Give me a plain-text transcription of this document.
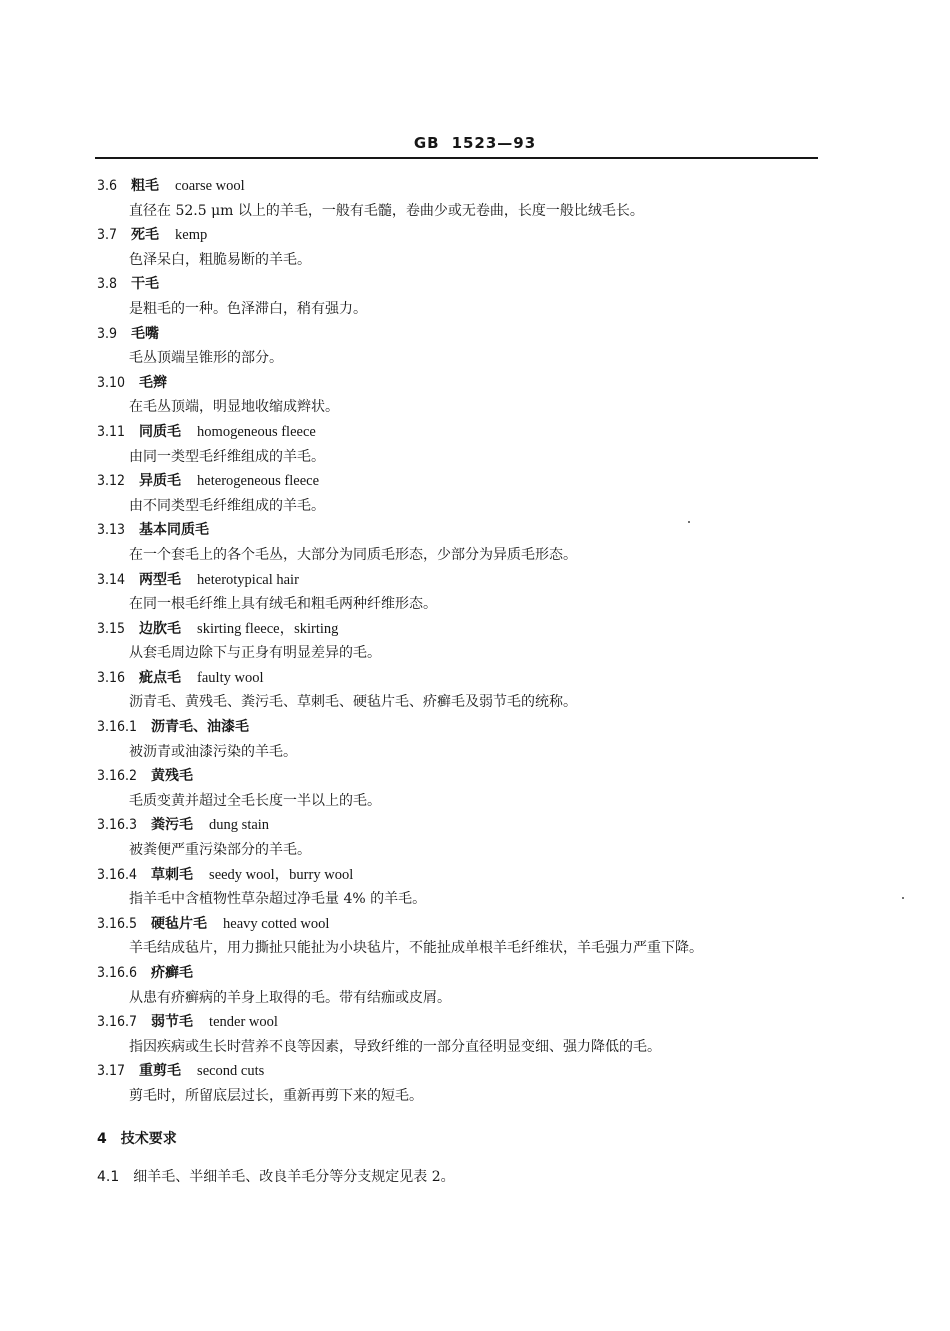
GB 1523—93
3.6 粗毛 coarse wool
直径在 52.5 μm 以上的羊毛，一般有毛髓，卷曲少或无卷曲，长度一般比绒毛长。
3.7 死毛 kemp
色泽呆白，粗脆易断的羊毛。
3.8 干毛
是粗毛的一种。色泽滞白，稍有强力。
3.9 毛嘴
毛丛顶端呈锥形的部分。
3.10 毛辫
在毛丛顶端，明显地收缩成辫状。
3.11 同质毛 homogeneous fleece
由同一类型毛纤维组成的羊毛。
3.12 异质毛 heterogeneous fleece
由不同类型毛纤维组成的羊毛。
3.13 基本同质毛
在一个套毛上的各个毛丛，大部分为同质毛形态，少部分为异质毛形态。
3.14 两型毛 heterotypical hair
在同一根毛纤维上具有绒毛和粗毛两种纤维形态。
3.15 边肷毛 skirting fleece，skirting
从套毛周边除下与正身有明显差异的毛。
3.16 疵点毛 faulty wool
沥青毛、黄残毛、粪污毛、草刺毛、硬毡片毛、疥癣毛及弱节毛的统称。
3.16.1 沥青毛、油漆毛
被沥青或油漆污染的羊毛。
3.16.2 黄残毛
毛质变黄并超过全毛长度一半以上的毛。
3.16.3 粪污毛 dung stain
被粪便严重污染部分的羊毛。
3.16.4 草刺毛 seedy wool，burry wool
指羊毛中含植物性草杂超过净毛量 4% 的羊毛。
3.16.5 硬毡片毛 heavy cotted wool
羊毛结成毡片，用力撕扯只能扯为小块毡片，不能扯成单根羊毛纤维状，羊毛强力严重下降。
3.16.6 疥癣毛
从患有疥癣病的羊身上取得的毛。带有结痂或皮屑。
3.16.7 弱节毛 tender wool
指因疾病或生长时营养不良等因素，导致纤维的一部分直径明显变细、强力降低的毛。
3.17 重剪毛 second cuts
剪毛时，所留底层过长，重新再剪下来的短毛。
4 技术要求
4.1 细羊毛、半细羊毛、改良羊毛分等分支规定见表 2。
